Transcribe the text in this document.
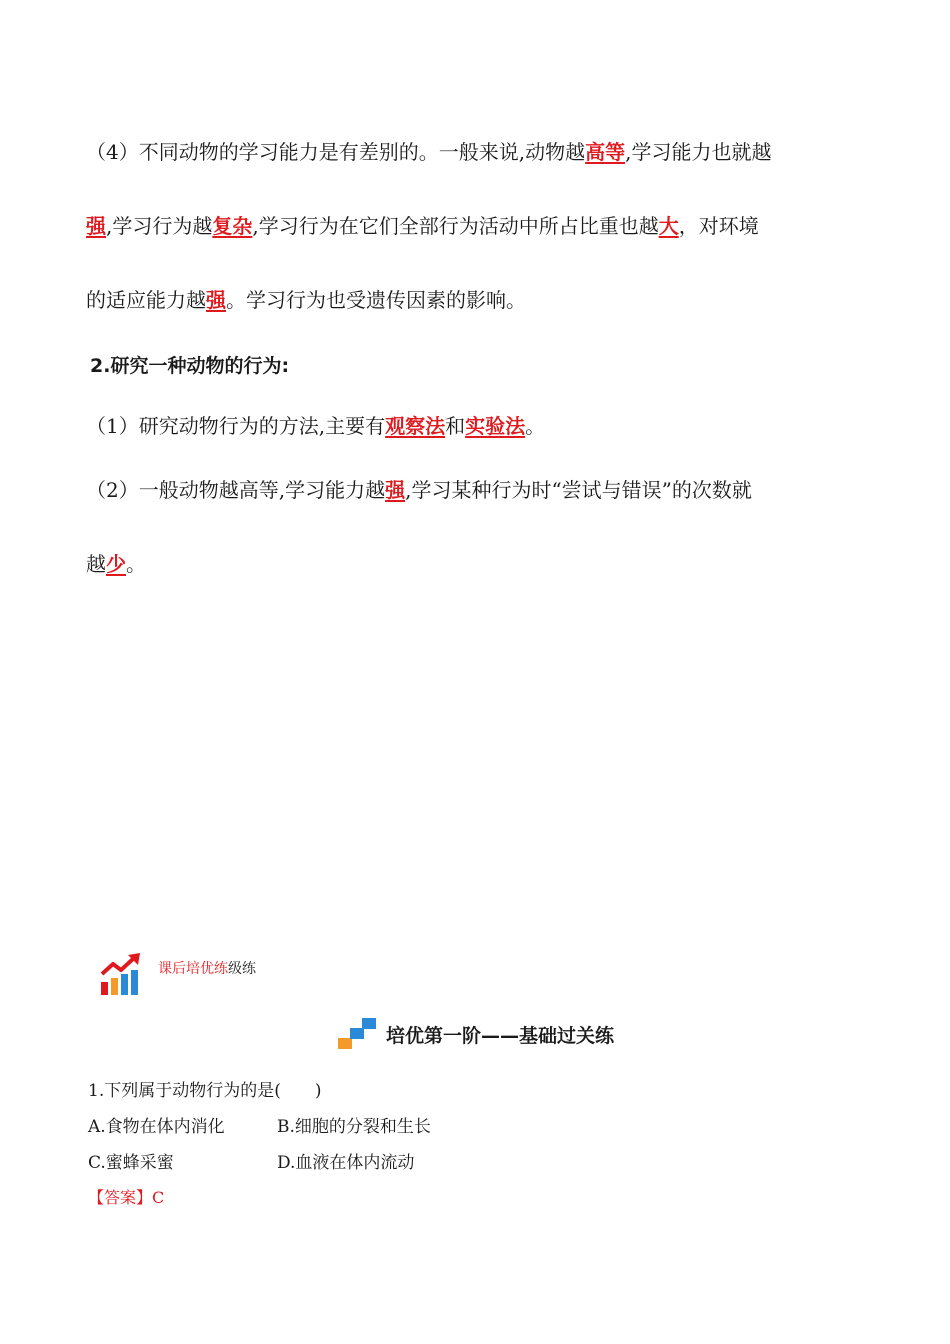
（4）不同动物的学习能力是有差别的。一般来说,动物越高等,学习能力也就越
强,学习行为越复杂,学习行为在它们全部行为活动中所占比重也越大，对环境
的适应能力越强。学习行为也受遗传因素的影响。
2.研究一种动物的行为:
（1）研究动物行为的方法,主要有观察法和实验法。
（2）一般动物越高等,学习能力越强,学习某种行为时“尝试与错误”的次数就
越少。
课后培优练级练
培优第一阶——基础过关练
1.下列属于动物行为的是(　　)
A.食物在体内消化	B.细胞的分裂和生长
C.蜜蜂采蜜	D.血液在体内流动
【答案】C
